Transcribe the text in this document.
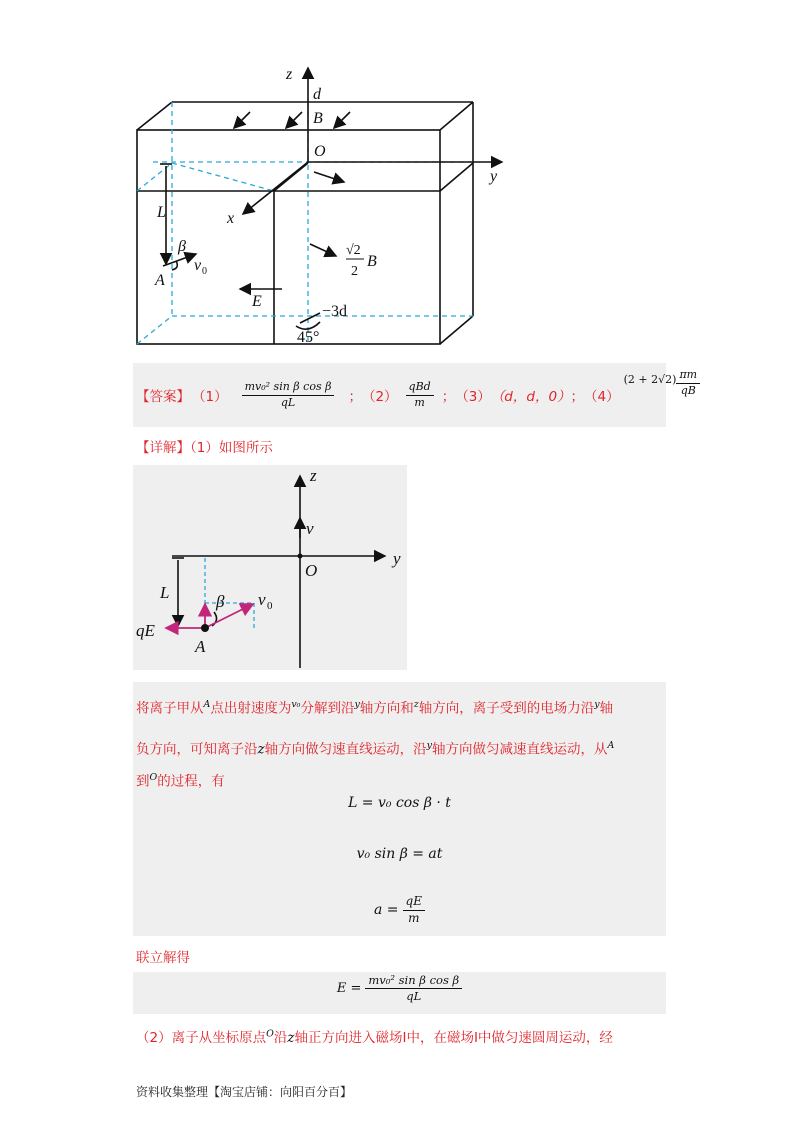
z
d
B
O
y
x
L
β
v 0
A
√2
2
B
E
−3d
45°
【答案】 $(1) \frac{\text{mv₀² sin β cos β}}{qL}$ ； $(2) \frac{\text{qBd}}{m}$ ； （3） （d，d，0） ； （4）
$(2 + 2√2) \frac{\pi m}{qB}$
【详解】（1）如图所示
z
y
v
O
L	β v 0
qE
A
将离子甲从$^A$点出射速度为$^{v_0}$分解到沿$^y$轴方向和$^z$轴方向，离子受到的电场力沿$^y$轴
负方向，可知离子沿z轴方向做匀速直线运动，沿$^y$轴方向做匀减速直线运动，从$^A$
到$^O$的过程，有
L = v₀ cos β · t
v₀ sin β = at
$a = \frac{qE}{m}$
联立解得
$E = \frac{\text{mv₀² sin β cos β}}{qL}$
（2）离子从坐标原点$^O$沿z轴正方向进入磁场Ⅰ中，在磁场Ⅰ中做匀速圆周运动，经
资料收集整理【淘宝店铺：向阳百分百】
